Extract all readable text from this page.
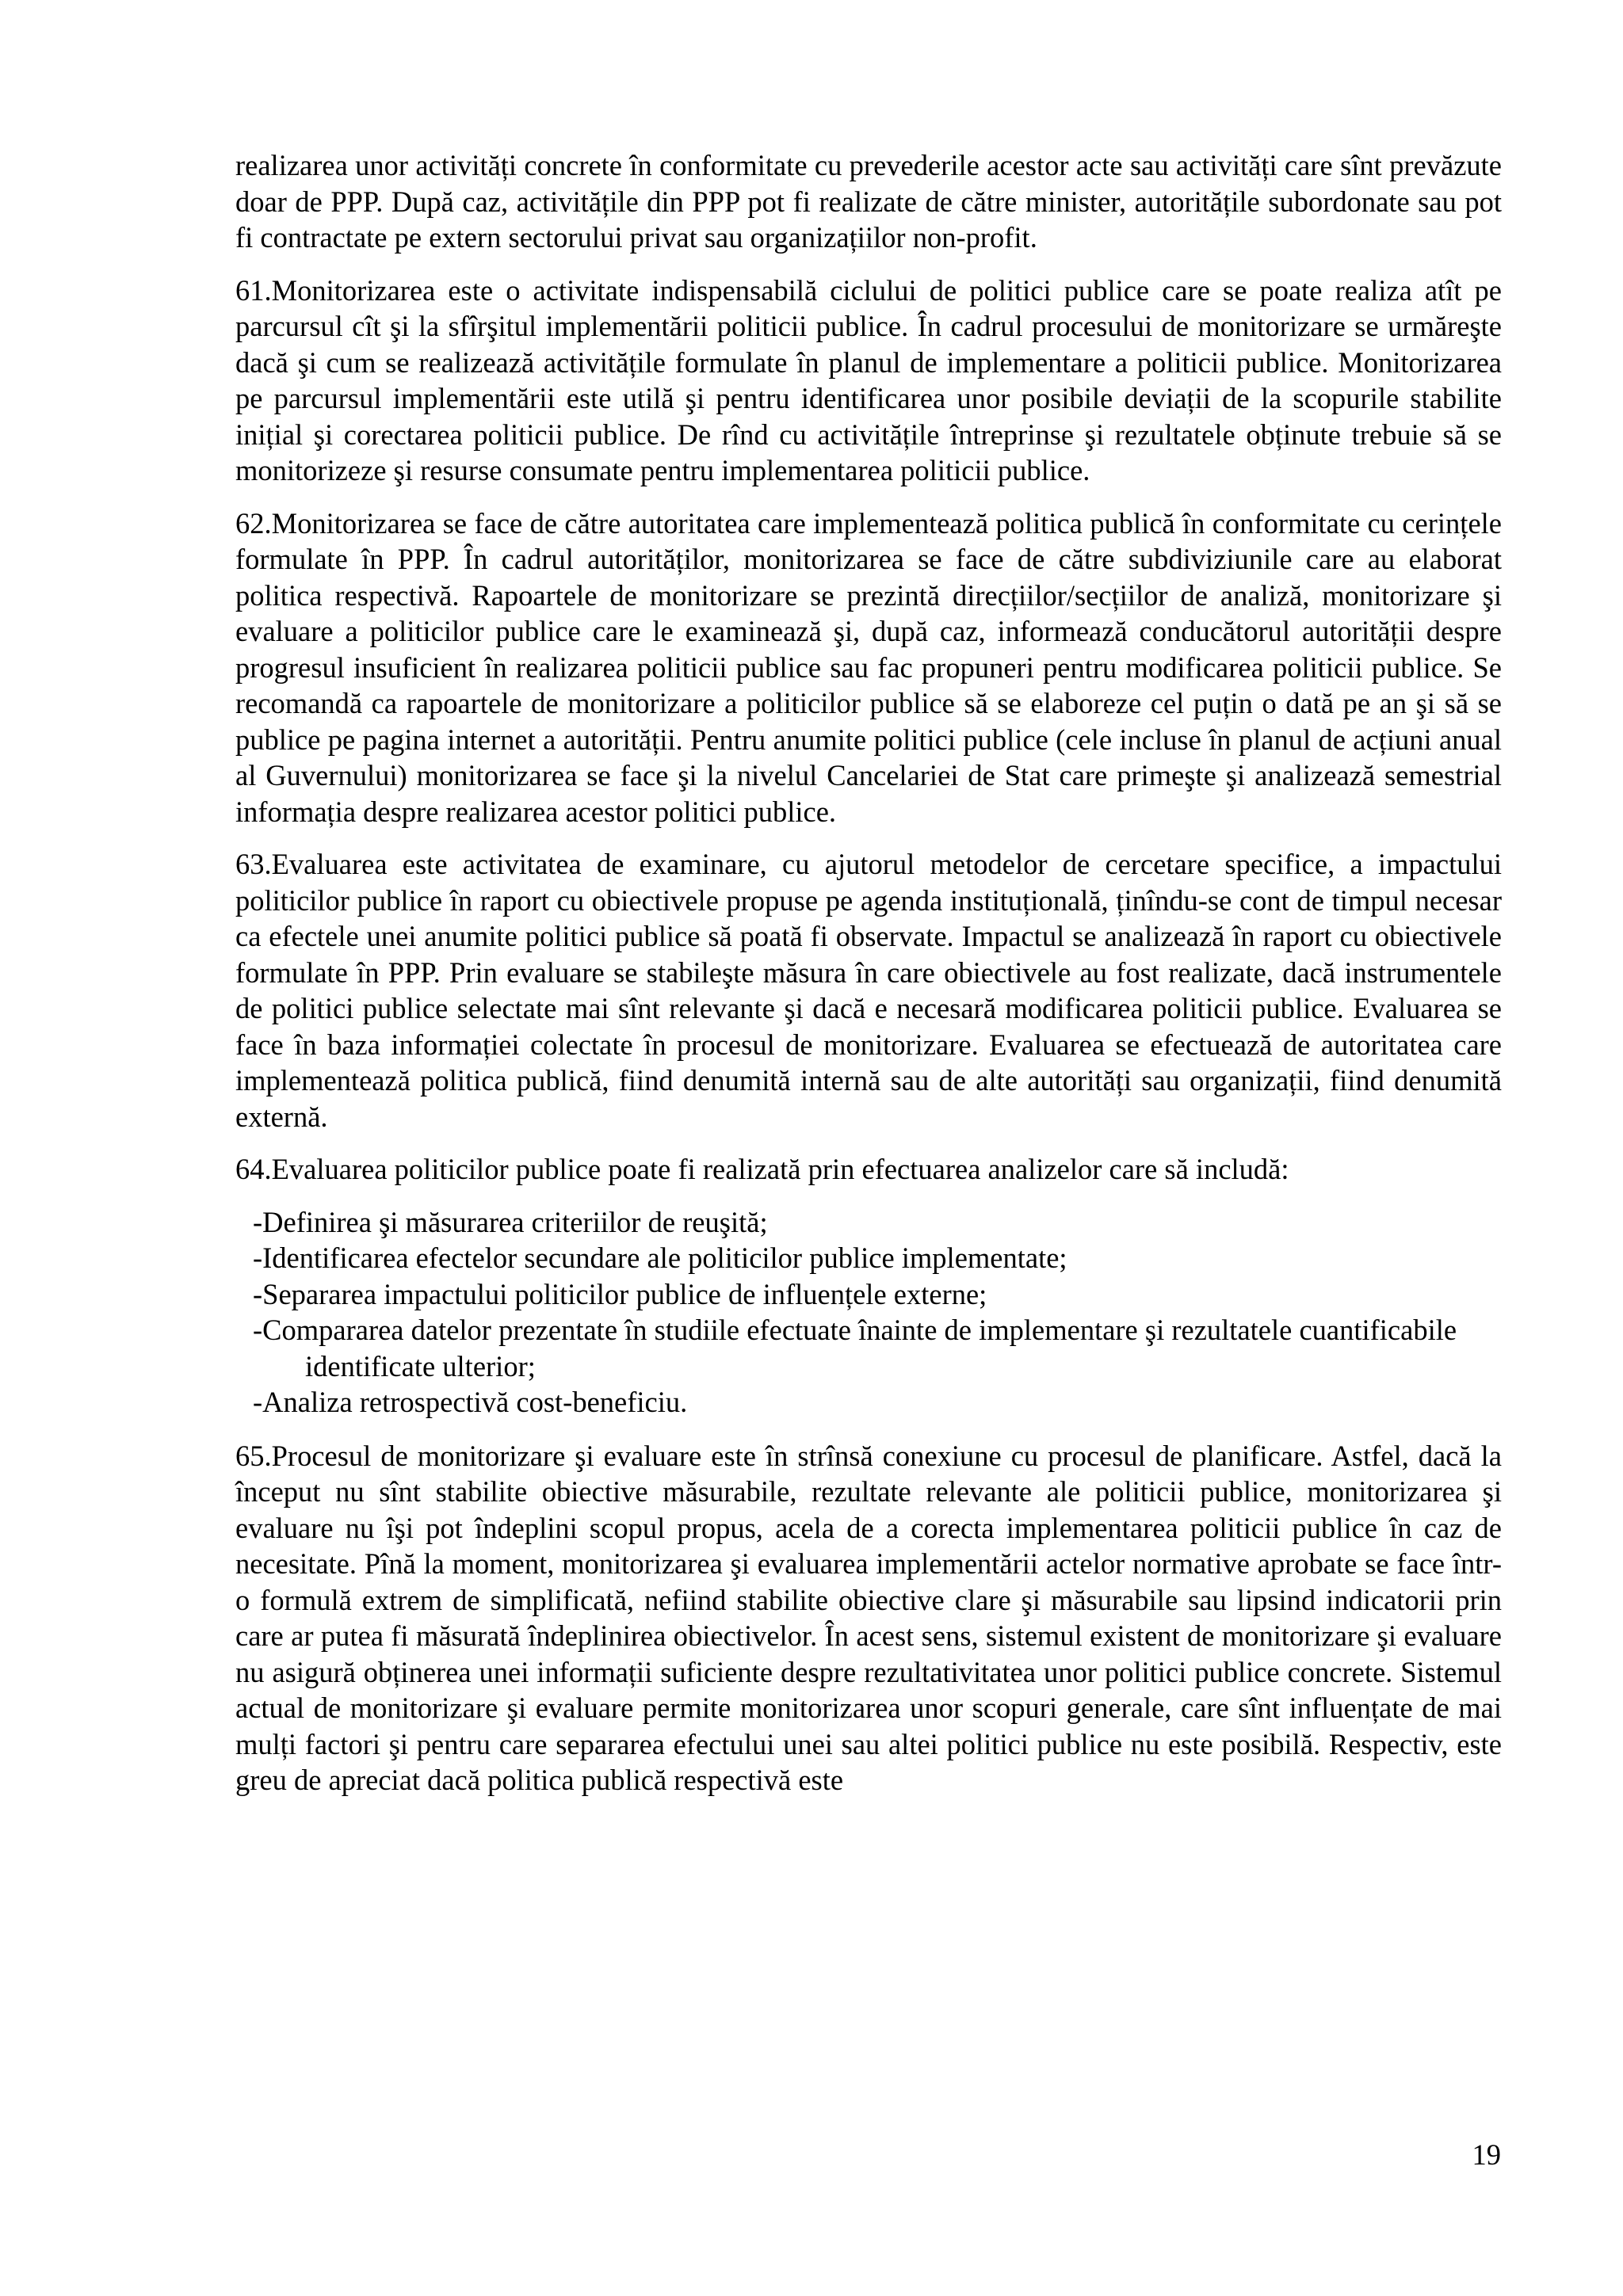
realizarea unor activități concrete în conformitate cu prevederile acestor acte sau activități care sînt prevăzute doar de PPP. După caz, activitățile din PPP pot fi realizate de către minister, autoritățile subordonate sau pot fi contractate pe extern sectorului privat sau organizațiilor non-profit.

61.Monitorizarea este o activitate indispensabilă ciclului de politici publice care se poate realiza atît pe parcursul cît şi la sfîrşitul implementării politicii publice. În cadrul procesului de monitorizare se urmăreşte dacă şi cum se realizează activitățile formulate în planul de implementare a politicii publice. Monitorizarea pe parcursul implementării este utilă şi pentru identificarea unor posibile deviații de la scopurile stabilite inițial şi corectarea politicii publice. De rînd cu activitățile întreprinse şi rezultatele obținute trebuie să se monitorizeze şi resurse consumate pentru implementarea politicii publice.

62.Monitorizarea se face de către autoritatea care implementează politica publică în conformitate cu cerințele formulate în PPP. În cadrul autorităților, monitorizarea se face de către subdiviziunile care au elaborat politica respectivă. Rapoartele de monitorizare se prezintă direcțiilor/secțiilor de analiză, monitorizare şi evaluare a politicilor publice care le examinează şi, după caz, informează conducătorul autorității despre progresul insuficient în realizarea politicii publice sau fac propuneri pentru modificarea politicii publice. Se recomandă ca rapoartele de monitorizare a politicilor publice să se elaboreze cel puțin o dată pe an şi să se publice pe pagina internet a autorității. Pentru anumite politici publice (cele incluse în planul de acțiuni anual al Guvernului) monitorizarea se face şi la nivelul Cancelariei de Stat care primeşte şi analizează semestrial informația despre realizarea acestor politici publice.

63.Evaluarea este activitatea de examinare, cu ajutorul metodelor de cercetare specifice, a impactului politicilor publice în raport cu obiectivele propuse pe agenda instituțională, ținîndu-se cont de timpul necesar ca efectele unei anumite politici publice să poată fi observate. Impactul se analizează în raport cu obiectivele formulate în PPP. Prin evaluare se stabileşte măsura în care obiectivele au fost realizate, dacă instrumentele de politici publice selectate mai sînt relevante şi dacă e necesară modificarea politicii publice. Evaluarea se face în baza informației colectate în procesul de monitorizare. Evaluarea se efectuează de autoritatea care implementează politica publică, fiind denumită internă sau de alte autorități sau organizații, fiind denumită externă.

64.Evaluarea politicilor publice poate fi realizată prin efectuarea analizelor care să includă:

-Definirea şi măsurarea criteriilor de reuşită;
-Identificarea efectelor secundare ale politicilor publice implementate;
-Separarea impactului politicilor publice de influențele externe;
-Compararea datelor prezentate în studiile efectuate înainte de implementare şi rezultatele cuantificabile identificate ulterior;
-Analiza retrospectivă cost-beneficiu.

65.Procesul de monitorizare şi evaluare este în strînsă conexiune cu procesul de planificare. Astfel, dacă la început nu sînt stabilite obiective măsurabile, rezultate relevante ale politicii publice, monitorizarea şi evaluare nu îşi pot îndeplini scopul propus, acela de a corecta implementarea politicii publice în caz de necesitate. Pînă la moment, monitorizarea şi evaluarea implementării actelor normative aprobate se face într-o formulă extrem de simplificată, nefiind stabilite obiective clare şi măsurabile sau lipsind indicatorii prin care ar putea fi măsurată îndeplinirea obiectivelor. În acest sens, sistemul existent de monitorizare şi evaluare nu asigură obținerea unei informații suficiente despre rezultativitatea unor politici publice concrete. Sistemul actual de monitorizare şi evaluare permite monitorizarea unor scopuri generale, care sînt influențate de mai mulți factori şi pentru care separarea efectului unei sau altei politici publice nu este posibilă. Respectiv, este greu de apreciat dacă politica publică respectivă este

19
